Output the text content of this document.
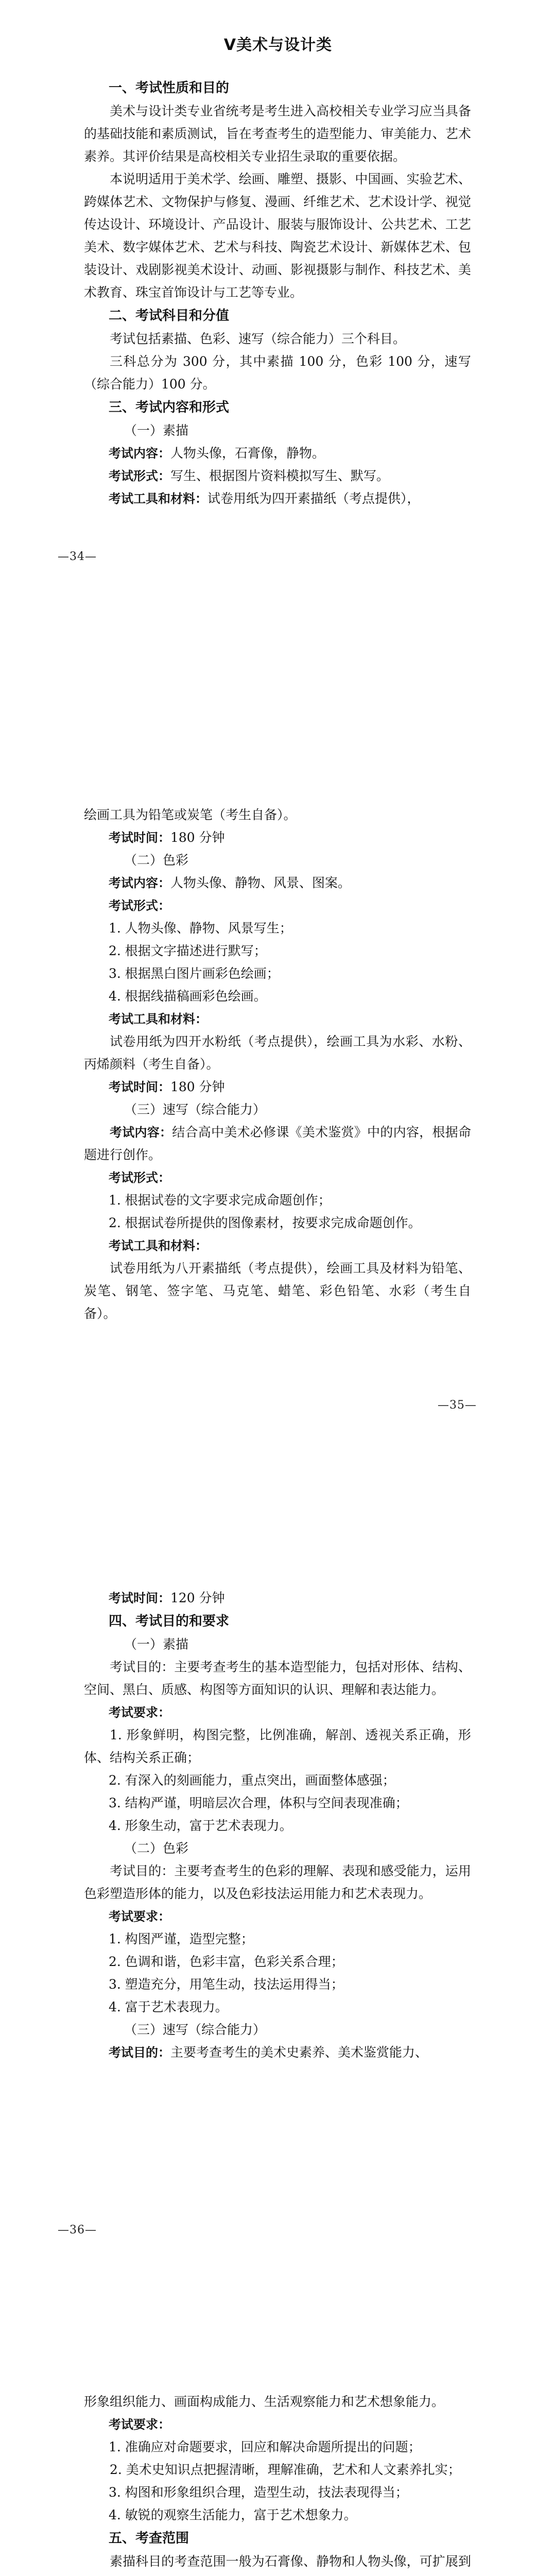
V美术与设计类
一、考试性质和目的
美术与设计类专业省统考是考生进入高校相关专业学习应当具备的基础技能和素质测试，旨在考查考生的造型能力、审美能力、艺术素养。其评价结果是高校相关专业招生录取的重要依据。
本说明适用于美术学、绘画、雕塑、摄影、中国画、实验艺术、跨媒体艺术、文物保护与修复、漫画、纤维艺术、艺术设计学、视觉传达设计、环境设计、产品设计、服装与服饰设计、公共艺术、工艺美术、数字媒体艺术、艺术与科技、陶瓷艺术设计、新媒体艺术、包装设计、戏剧影视美术设计、动画、影视摄影与制作、科技艺术、美术教育、珠宝首饰设计与工艺等专业。
二、考试科目和分值
考试包括素描、色彩、速写（综合能力）三个科目。
三科总分为 300 分，其中素描 100 分，色彩 100 分，速写（综合能力）100 分。
三、考试内容和形式
（一）素描
考试内容：人物头像，石膏像，静物。
考试形式：写生、根据图片资料模拟写生、默写。
考试工具和材料：试卷用纸为四开素描纸（考点提供），
—34—
绘画工具为铅笔或炭笔（考生自备）。
考试时间：180 分钟
（二）色彩
考试内容：人物头像、静物、风景、图案。
考试形式：
1. 人物头像、静物、风景写生；
2. 根据文字描述进行默写；
3. 根据黑白图片画彩色绘画；
4. 根据线描稿画彩色绘画。
考试工具和材料：
试卷用纸为四开水粉纸（考点提供），绘画工具为水彩、水粉、丙烯颜料（考生自备）。
考试时间：180 分钟
（三）速写（综合能力）
考试内容：结合高中美术必修课《美术鉴赏》中的内容，根据命题进行创作。
考试形式：
1. 根据试卷的文字要求完成命题创作；
2. 根据试卷所提供的图像素材，按要求完成命题创作。
考试工具和材料：
试卷用纸为八开素描纸（考点提供），绘画工具及材料为铅笔、炭笔、钢笔、签字笔、马克笔、蜡笔、彩色铅笔、水彩（考生自备）。
—35—
考试时间：120 分钟
四、考试目的和要求
（一）素描
考试目的：主要考查考生的基本造型能力，包括对形体、结构、空间、黑白、质感、构图等方面知识的认识、理解和表达能力。
考试要求：
1. 形象鲜明，构图完整，比例准确，解剖、透视关系正确，形体、结构关系正确；
2. 有深入的刻画能力，重点突出，画面整体感强；
3. 结构严谨，明暗层次合理，体积与空间表现准确；
4. 形象生动，富于艺术表现力。
（二）色彩
考试目的：主要考查考生的色彩的理解、表现和感受能力，运用色彩塑造形体的能力，以及色彩技法运用能力和艺术表现力。
考试要求：
1. 构图严谨，造型完整；
2. 色调和谐，色彩丰富，色彩关系合理；
3. 塑造充分，用笔生动，技法运用得当；
4. 富于艺术表现力。
（三）速写（综合能力）
考试目的：主要考查考生的美术史素养、美术鉴赏能力、
—36—
形象组织能力、画面构成能力、生活观察能力和艺术想象能力。
考试要求：
1. 准确应对命题要求，回应和解决命题所提出的问题；
2. 美术史知识点把握清晰，理解准确，艺术和人文素养扎实；
3. 构图和形象组织合理，造型生动，技法表现得当；
4. 敏锐的观察生活能力，富于艺术想象力。
五、考查范围
素描科目的考查范围一般为石膏像、静物和人物头像，可扩展到
